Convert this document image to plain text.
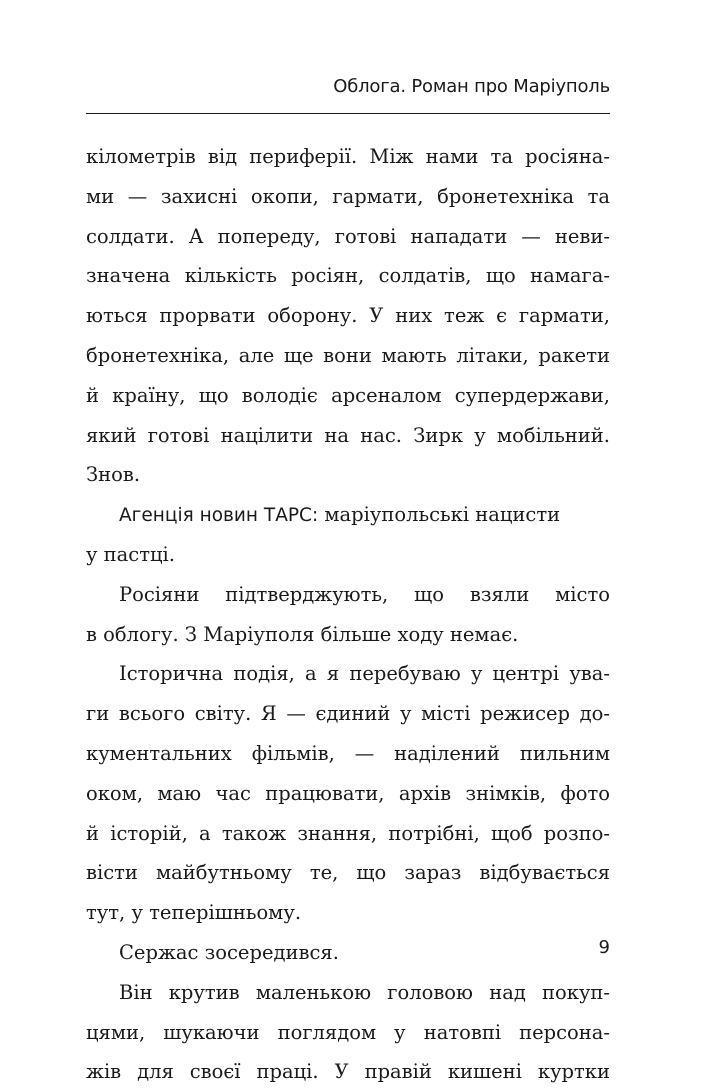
Облога. Роман про Маріуполь
кілометрів від периферії. Між нами та росіяна-
ми — захисні окопи, гармати, бронетехніка та
солдати. А попереду, готові нападати — неви-
значена кількість росіян, солдатів, що намага-
ються прорвати оборону. У них теж є гармати,
бронетехніка, але ще вони мають літаки, ракети
й країну, що володіє арсеналом супердержави,
який готові націлити на нас. Зирк у мобільний.
Знов.
Агенція новин ТАРС: маріупольські нацисти
у пастці.
Росіяни підтверджують, що взяли місто
в облогу. З Маріуполя більше ходу немає.
Історична подія, а я перебуваю у центрі ува-
ги всього світу. Я — єдиний у місті режисер до-
кументальних фільмів, — наділений пильним
оком, маю час працювати, архів знімків, фото
й історій, а також знання, потрібні, щоб розпо-
вісти майбутньому те, що зараз відбувається
тут, у теперішньому.
Сержас зосередився.
Він крутив маленькою головою над покуп-
цями, шукаючи поглядом у натовпі персона-
жів для своєї праці. У правій кишені куртки
9
